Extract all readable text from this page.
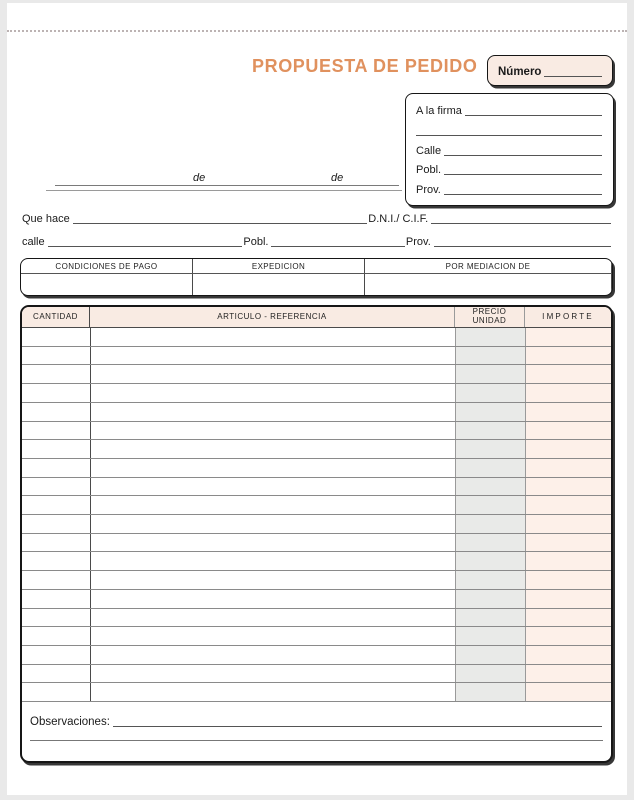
PROPUESTA DE PEDIDO Número
A la firma
Calle
Pobl.
Prov.
de	de
Que hace	D.N.I./ C.I.F.
calle	Pobl.	Prov.
CONDICIONES DE PAGO	EXPEDICION	POR MEDIACION DE
CANTIDAD	ARTICULO - REFERENCIA	PRECIO UNIDAD	IMPORTE
Observaciones:
